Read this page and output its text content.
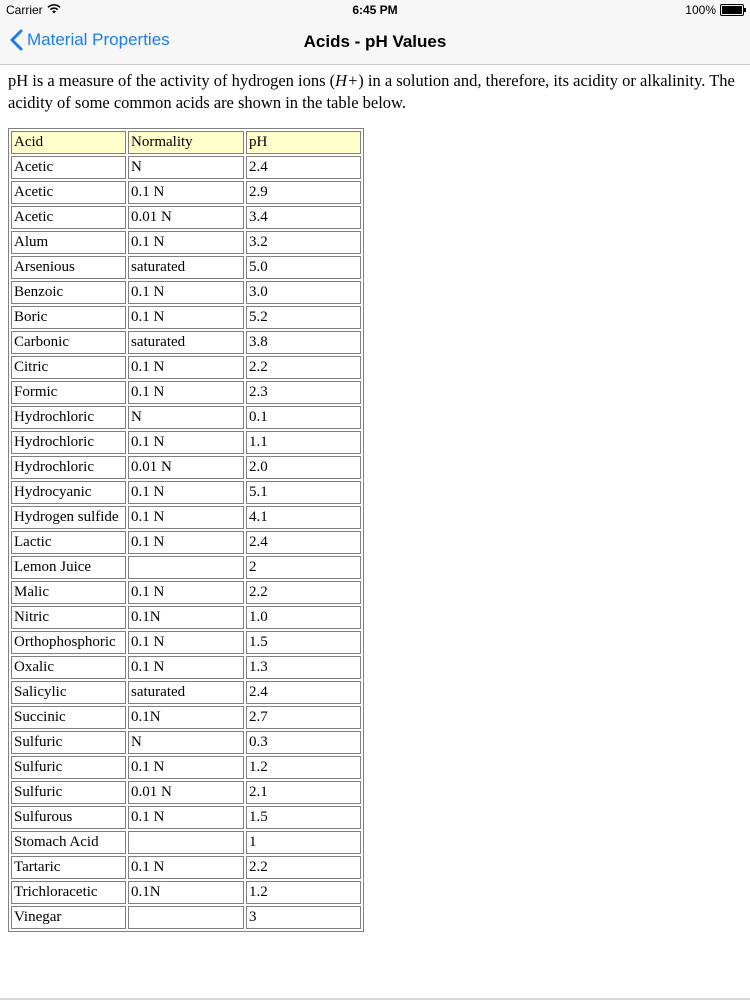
Carrier	6:45 PM	100%
Material Properties	Acids - pH Values

pH is a measure of the activity of hydrogen ions (H+) in a solution and, therefore, its acidity or alkalinity. The acidity of some common acids are shown in the table below.

Acid	Normality	pH
Acetic	N	2.4
Acetic	0.1 N	2.9
Acetic	0.01 N	3.4
Alum	0.1 N	3.2
Arsenious	saturated	5.0
Benzoic	0.1 N	3.0
Boric	0.1 N	5.2
Carbonic	saturated	3.8
Citric	0.1 N	2.2
Formic	0.1 N	2.3
Hydrochloric	N	0.1
Hydrochloric	0.1 N	1.1
Hydrochloric	0.01 N	2.0
Hydrocyanic	0.1 N	5.1
Hydrogen sulfide	0.1 N	4.1
Lactic	0.1 N	2.4
Lemon Juice		2
Malic	0.1 N	2.2
Nitric	0.1N	1.0
Orthophosphoric	0.1 N	1.5
Oxalic	0.1 N	1.3
Salicylic	saturated	2.4
Succinic	0.1N	2.7
Sulfuric	N	0.3
Sulfuric	0.1 N	1.2
Sulfuric	0.01 N	2.1
Sulfurous	0.1 N	1.5
Stomach Acid		1
Tartaric	0.1 N	2.2
Trichloracetic	0.1N	1.2
Vinegar		3
